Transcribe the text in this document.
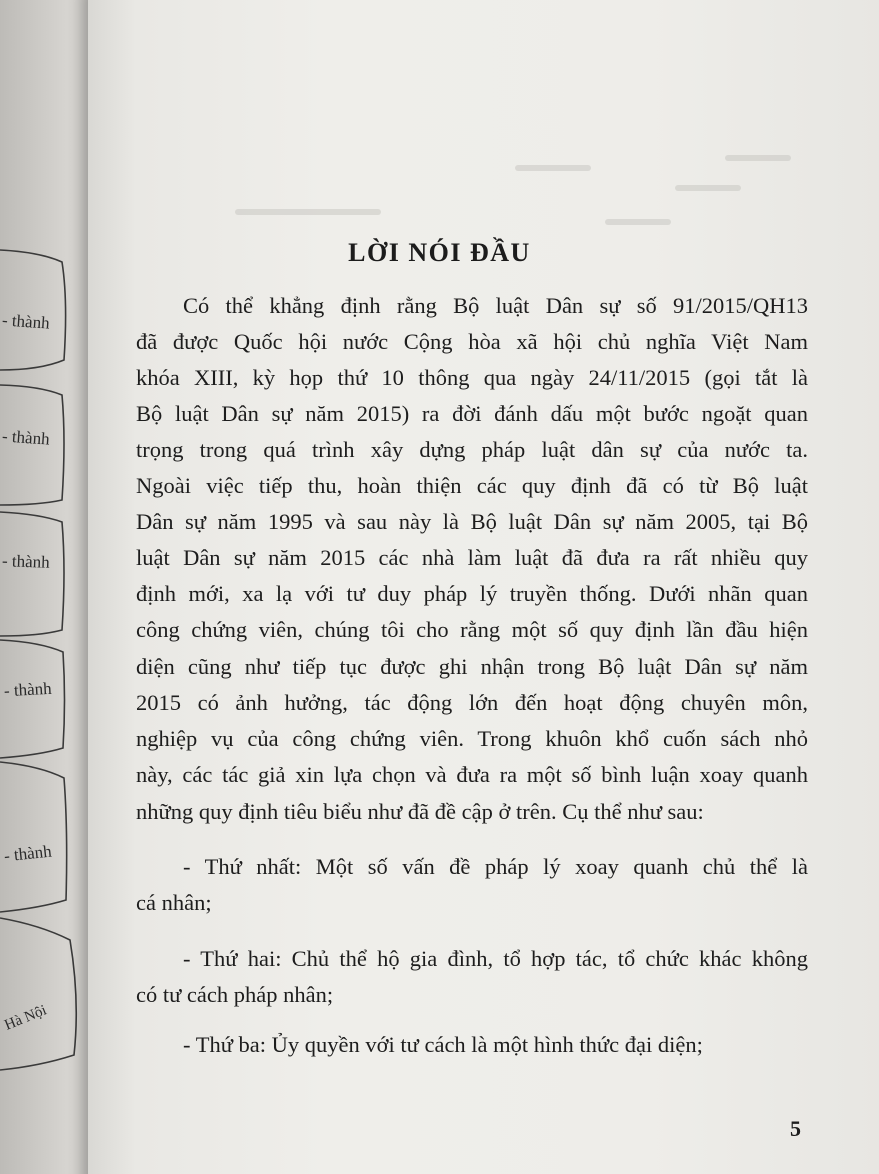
- thành
- thành
- thành
- thành
- thành
Hà Nội
LỜI NÓI ĐẦU
Có thể khẳng định rằng Bộ luật Dân sự số 91/2015/QH13
đã được Quốc hội nước Cộng hòa xã hội chủ nghĩa Việt Nam
khóa XIII, kỳ họp thứ 10 thông qua ngày 24/11/2015 (gọi tắt là
Bộ luật Dân sự năm 2015) ra đời đánh dấu một bước ngoặt quan
trọng trong quá trình xây dựng pháp luật dân sự của nước ta.
Ngoài việc tiếp thu, hoàn thiện các quy định đã có từ Bộ luật
Dân sự năm 1995 và sau này là Bộ luật Dân sự năm 2005, tại Bộ
luật Dân sự năm 2015 các nhà làm luật đã đưa ra rất nhiều quy
định mới, xa lạ với tư duy pháp lý truyền thống. Dưới nhãn quan
công chứng viên, chúng tôi cho rằng một số quy định lần đầu hiện
diện cũng như tiếp tục được ghi nhận trong Bộ luật Dân sự năm
2015 có ảnh hưởng, tác động lớn đến hoạt động chuyên môn,
nghiệp vụ của công chứng viên. Trong khuôn khổ cuốn sách nhỏ
này, các tác giả xin lựa chọn và đưa ra một số bình luận xoay quanh
những quy định tiêu biểu như đã đề cập ở trên. Cụ thể như sau:
- Thứ nhất: Một số vấn đề pháp lý xoay quanh chủ thể là
cá nhân;
- Thứ hai: Chủ thể hộ gia đình, tổ hợp tác, tổ chức khác không
có tư cách pháp nhân;
- Thứ ba: Ủy quyền với tư cách là một hình thức đại diện;
5
